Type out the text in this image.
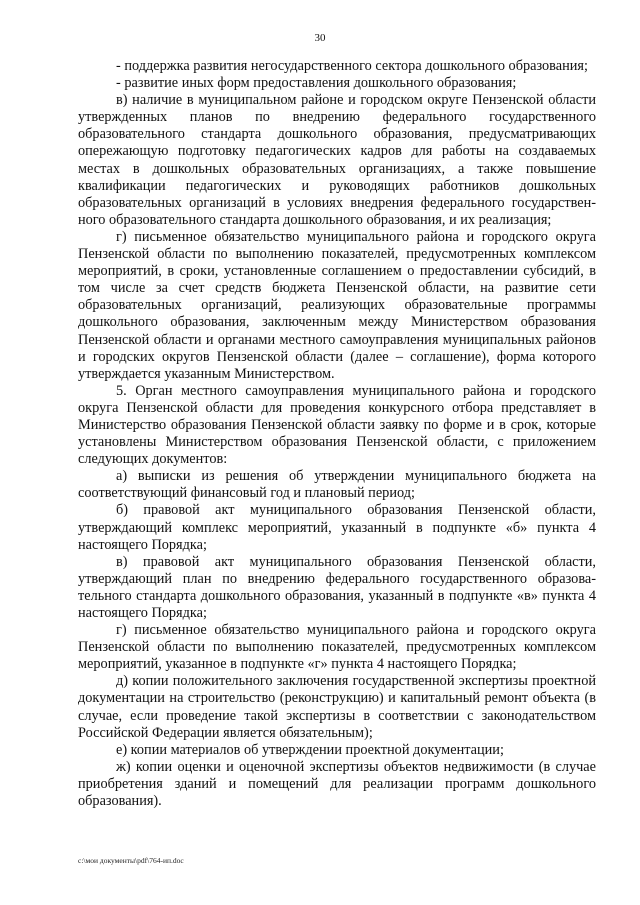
30

- поддержка развития негосударственного сектора дошкольного образования;

- развитие иных форм предоставления дошкольного образования;

в) наличие в муниципальном районе и городском округе Пензенской области утвержденных планов по внедрению федерального государственного образовательного стандарта дошкольного образования, предусматривающих опережающую подготовку педагогических кадров для работы на создаваемых местах в дошкольных образовательных организациях, а также повышение квалификации педагогических и руководящих работников дошкольных образовательных организаций в условиях внедрения федерального государственного образовательного стандарта дошкольного образования, и их реализация;

г) письменное обязательство муниципального района и городского округа Пензенской области по выполнению показателей, предусмотренных комплексом мероприятий, в сроки, установленные соглашением о предоставлении субсидий, в том числе за счет средств бюджета Пензенской области, на развитие сети образовательных организаций, реализующих образовательные программы дошкольного образования, заключенным между Министерством образования Пензенской области и органами местного самоуправления муниципальных районов и городских округов Пензенской области (далее – соглашение), форма которого утверждается указанным Министерством.

5. Орган местного самоуправления муниципального района и городского округа Пензенской области для проведения конкурсного отбора представляет в Министерство образования Пензенской области заявку по форме и в срок, которые установлены Министерством образования Пензенской области, с приложением следующих документов:

а) выписки из решения об утверждении муниципального бюджета на соответствующий финансовый год и плановый период;

б) правовой акт муниципального образования Пензенской области, утверждающий комплекс мероприятий, указанный в подпункте «б» пункта 4 настоящего Порядка;

в) правовой акт муниципального образования Пензенской области, утверждающий план по внедрению федерального государственного образовательного стандарта дошкольного образования, указанный в подпункте «в» пункта 4 настоящего Порядка;

г) письменное обязательство муниципального района и городского округа Пензенской области по выполнению показателей, предусмотренных комплексом мероприятий, указанное в подпункте «г» пункта 4 настоящего Порядка;

д) копии положительного заключения государственной экспертизы проектной документации на строительство (реконструкцию) и капитальный ремонт объекта (в случае, если проведение такой экспертизы в соответствии с законодательством Российской Федерации является обязательным);

е) копии материалов об утверждении проектной документации;

ж) копии оценки и оценочной экспертизы объектов недвижимости (в случае приобретения зданий и помещений для реализации программ дошкольного образования).

c:\мои документы\pdf\764-ип.doc
